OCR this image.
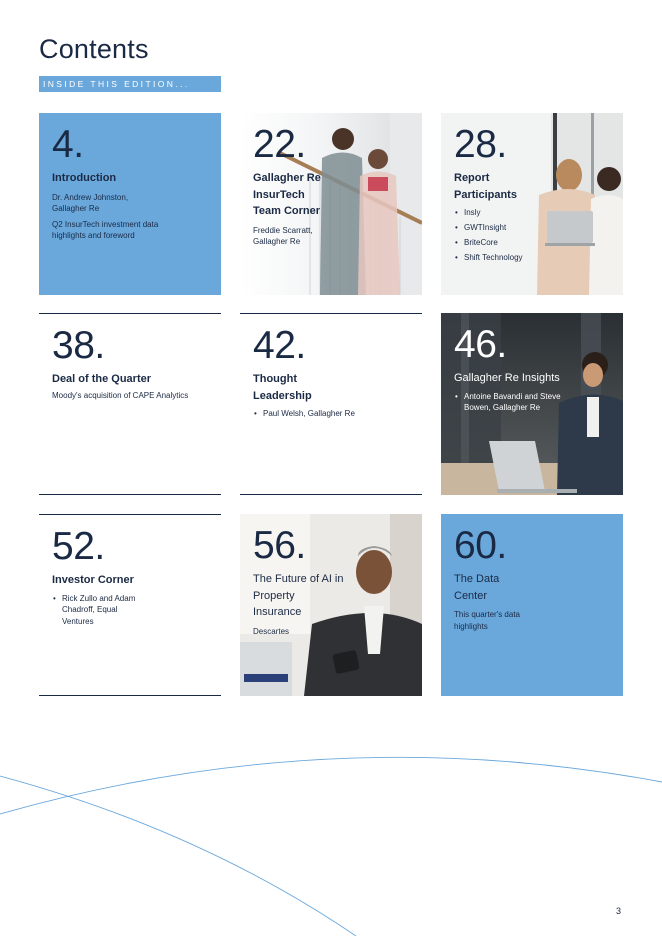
Contents
INSIDE THIS EDITION...
4.
Introduction
Dr. Andrew Johnston, Gallagher Re
Q2 InsurTech investment data highlights and foreword
22.
Gallagher Re InsurTech Team Corner
Freddie Scarratt, Gallagher Re
28.
Report Participants
• Insly
• GWTInsight
• BriteCore
• Shift Technology
38.
Deal of the Quarter
Moody's acquisition of CAPE Analytics
42.
Thought Leadership
• Paul Welsh, Gallagher Re
46.
Gallagher Re Insights
• Antoine Bavandi and Steve Bowen, Gallagher Re
52.
Investor Corner
• Rick Zullo and Adam Chadroff, Equal Ventures
56.
The Future of AI in Property Insurance
Descartes
60.
The Data Center
This quarter's data highlights
3
